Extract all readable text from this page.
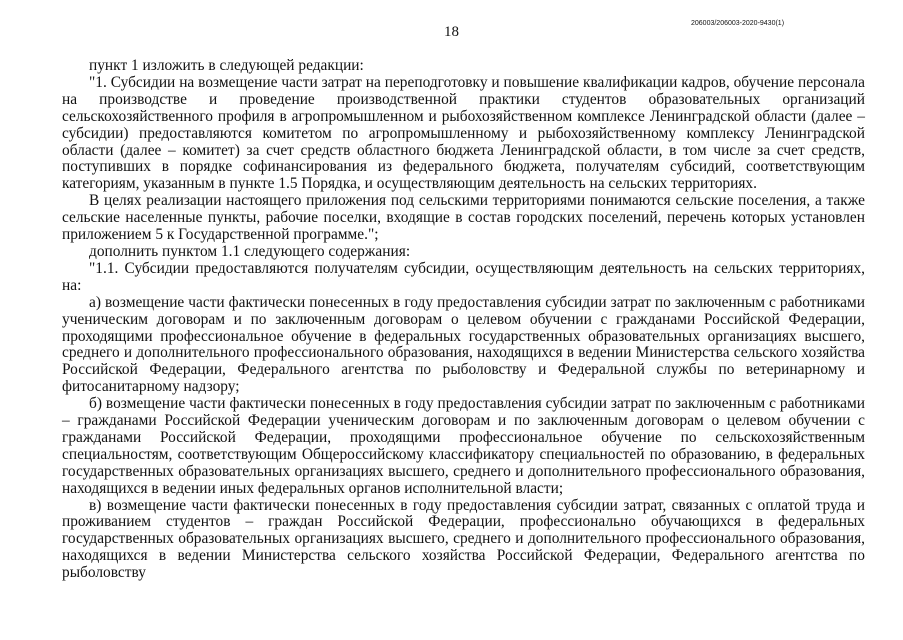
18
206003/206003-2020-9430(1)

пункт 1 изложить в следующей редакции:

"1. Субсидии на возмещение части затрат на переподготовку и повышение квалификации кадров, обучение персонала на производстве и проведение производственной практики студентов образовательных организаций сельскохозяйственного профиля в агропромышленном и рыбохозяйственном комплексе Ленинградской области (далее – субсидии) предоставляются комитетом по агропромышленному и рыбохозяйственному комплексу Ленинградской области (далее – комитет) за счет средств областного бюджета Ленинградской области, в том числе за счет средств, поступивших в порядке софинансирования из федерального бюджета, получателям субсидий, соответствующим категориям, указанным в пункте 1.5 Порядка, и осуществляющим деятельность на сельских территориях.

В целях реализации настоящего приложения под сельскими территориями понимаются сельские поселения, а также сельские населенные пункты, рабочие поселки, входящие в состав городских поселений, перечень которых установлен приложением 5 к Государственной программе.";

дополнить пунктом 1.1 следующего содержания:

"1.1. Субсидии предоставляются получателям субсидии, осуществляющим деятельность на сельских территориях, на:

а) возмещение части фактически понесенных в году предоставления субсидии затрат по заключенным с работниками ученическим договорам и по заключенным договорам о целевом обучении с гражданами Российской Федерации, проходящими профессиональное обучение в федеральных государственных образовательных организациях высшего, среднего и дополнительного профессионального образования, находящихся в ведении Министерства сельского хозяйства Российской Федерации, Федерального агентства по рыболовству и Федеральной службы по ветеринарному и фитосанитарному надзору;

б) возмещение части фактически понесенных в году предоставления субсидии затрат по заключенным с работниками – гражданами Российской Федерации ученическим договорам и по заключенным договорам о целевом обучении с гражданами Российской Федерации, проходящими профессиональное обучение по сельскохозяйственным специальностям, соответствующим Общероссийскому классификатору специальностей по образованию, в федеральных государственных образовательных организациях высшего, среднего и дополнительного профессионального образования, находящихся в ведении иных федеральных органов исполнительной власти;

в) возмещение части фактически понесенных в году предоставления субсидии затрат, связанных с оплатой труда и проживанием студентов – граждан Российской Федерации, профессионально обучающихся в федеральных государственных образовательных организациях высшего, среднего и дополнительного профессионального образования, находящихся в ведении Министерства сельского хозяйства Российской Федерации, Федерального агентства по рыболовству
